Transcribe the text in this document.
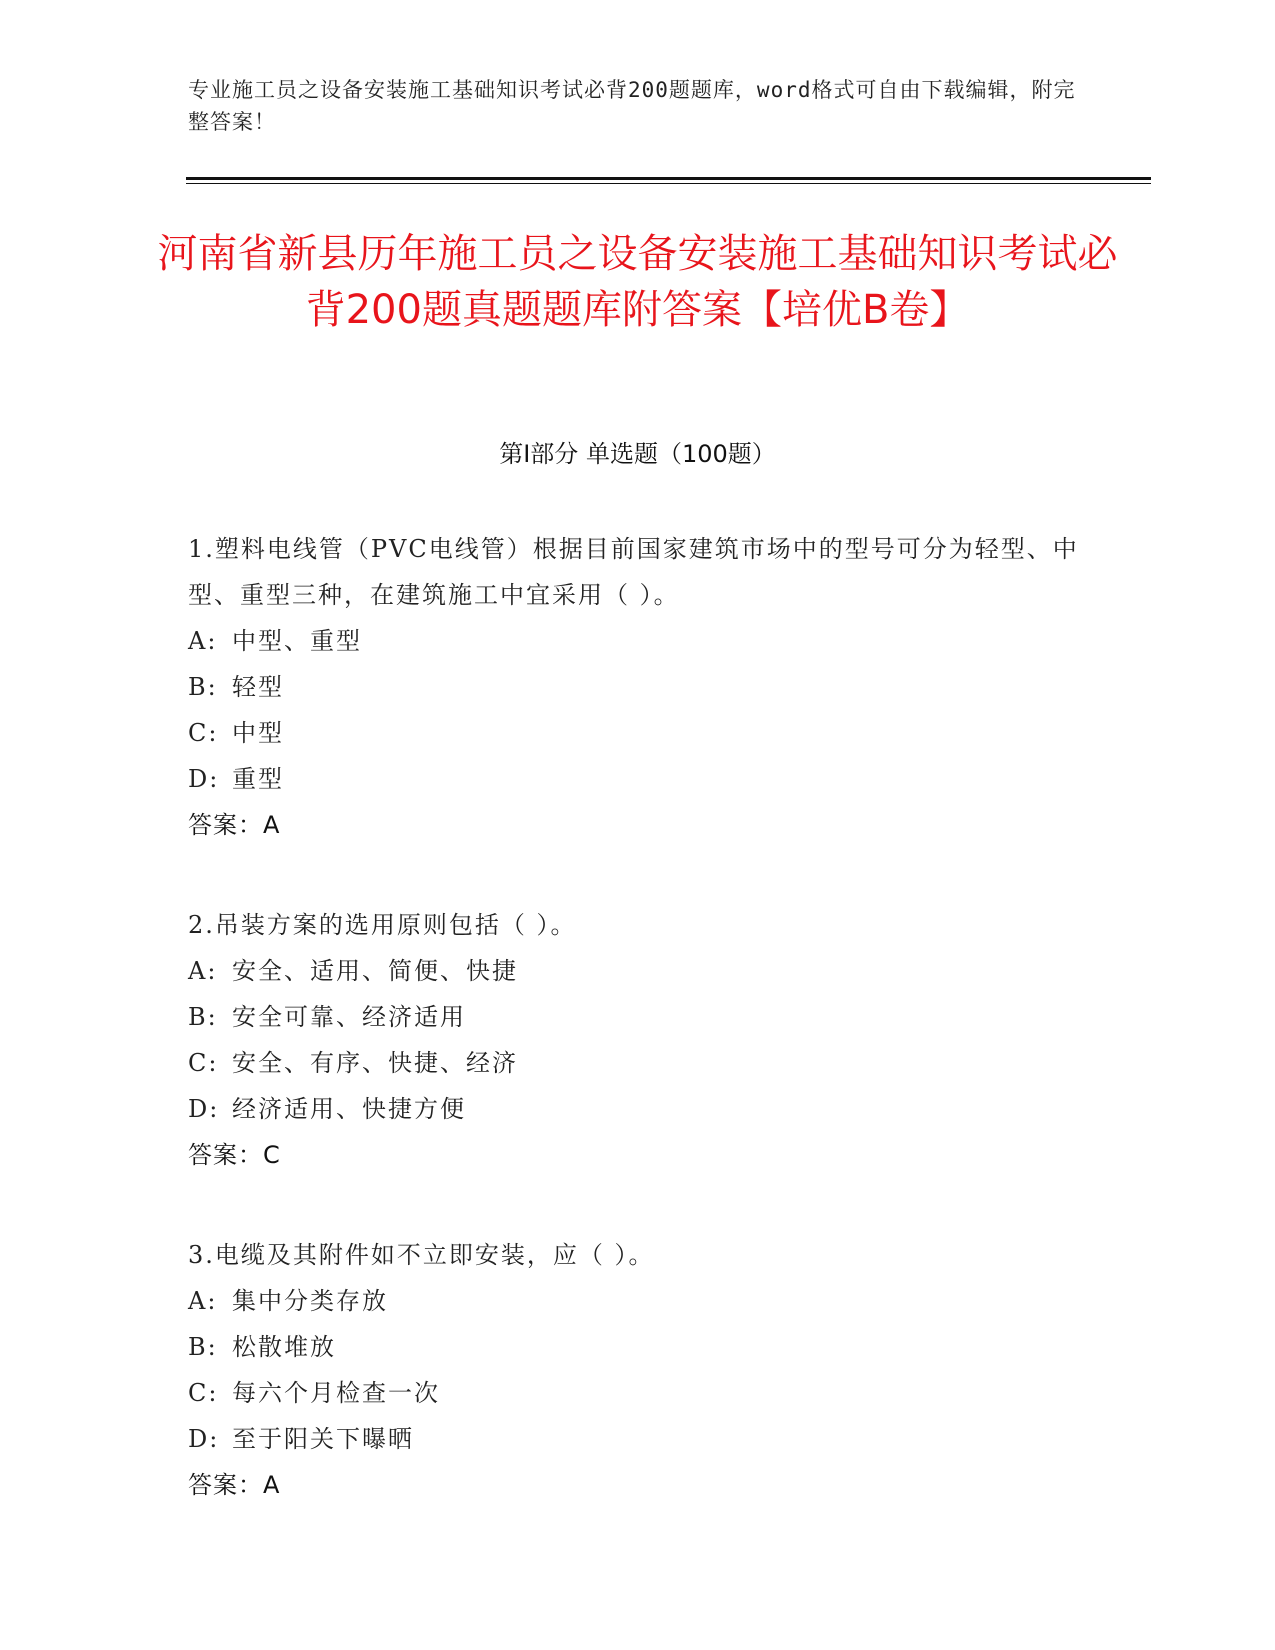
专业施工员之设备安装施工基础知识考试必背200题题库，word格式可自由下载编辑，附完整答案！
河南省新县历年施工员之设备安装施工基础知识考试必背200题真题题库附答案【培优B卷】
第I部分 单选题（100题）
1.塑料电线管（PVC电线管）根据目前国家建筑市场中的型号可分为轻型、中型、重型三种，在建筑施工中宜采用（ ）。
A: 中型、重型
B: 轻型
C: 中型
D: 重型
答案：A
2.吊装方案的选用原则包括（ ）。
A: 安全、适用、简便、快捷
B: 安全可靠、经济适用
C: 安全、有序、快捷、经济
D: 经济适用、快捷方便
答案：C
3.电缆及其附件如不立即安装，应（ ）。
A: 集中分类存放
B: 松散堆放
C: 每六个月检查一次
D: 至于阳关下曝晒
答案：A
